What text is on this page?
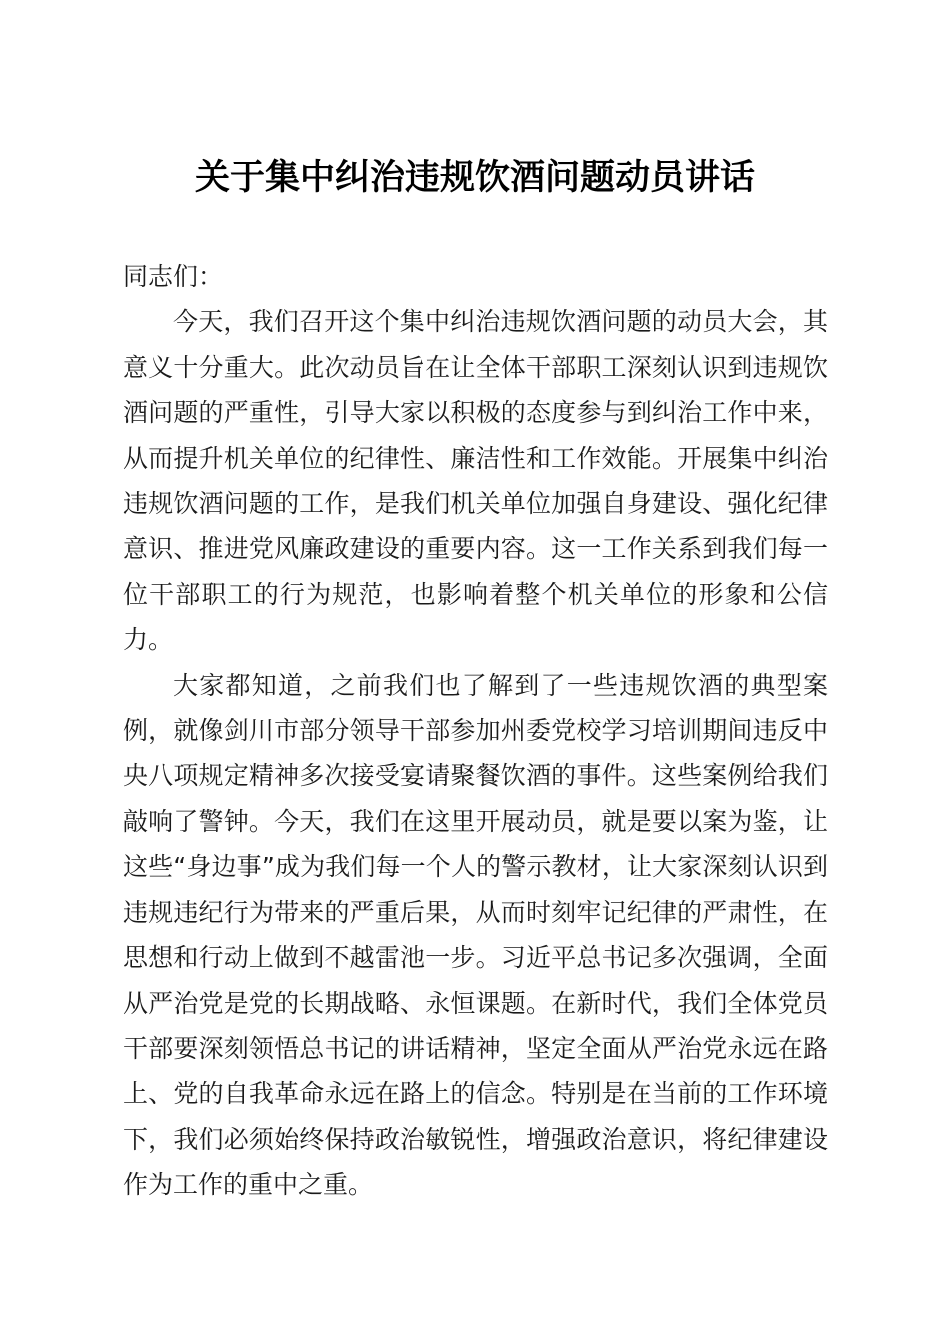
关于集中纠治违规饮酒问题动员讲话

同志们：

今天，我们召开这个集中纠治违规饮酒问题的动员大会，其意义十分重大。此次动员旨在让全体干部职工深刻认识到违规饮酒问题的严重性，引导大家以积极的态度参与到纠治工作中来，从而提升机关单位的纪律性、廉洁性和工作效能。开展集中纠治违规饮酒问题的工作，是我们机关单位加强自身建设、强化纪律意识、推进党风廉政建设的重要内容。这一工作关系到我们每一位干部职工的行为规范，也影响着整个机关单位的形象和公信力。

大家都知道，之前我们也了解到了一些违规饮酒的典型案例，就像剑川市部分领导干部参加州委党校学习培训期间违反中央八项规定精神多次接受宴请聚餐饮酒的事件。这些案例给我们敲响了警钟。今天，我们在这里开展动员，就是要以案为鉴，让这些“身边事”成为我们每一个人的警示教材，让大家深刻认识到违规违纪行为带来的严重后果，从而时刻牢记纪律的严肃性，在思想和行动上做到不越雷池一步。习近平总书记多次强调，全面从严治党是党的长期战略、永恒课题。在新时代，我们全体党员干部要深刻领悟总书记的讲话精神，坚定全面从严治党永远在路上、党的自我革命永远在路上的信念。特别是在当前的工作环境下，我们必须始终保持政治敏锐性，增强政治意识，将纪律建设作为工作的重中之重。
